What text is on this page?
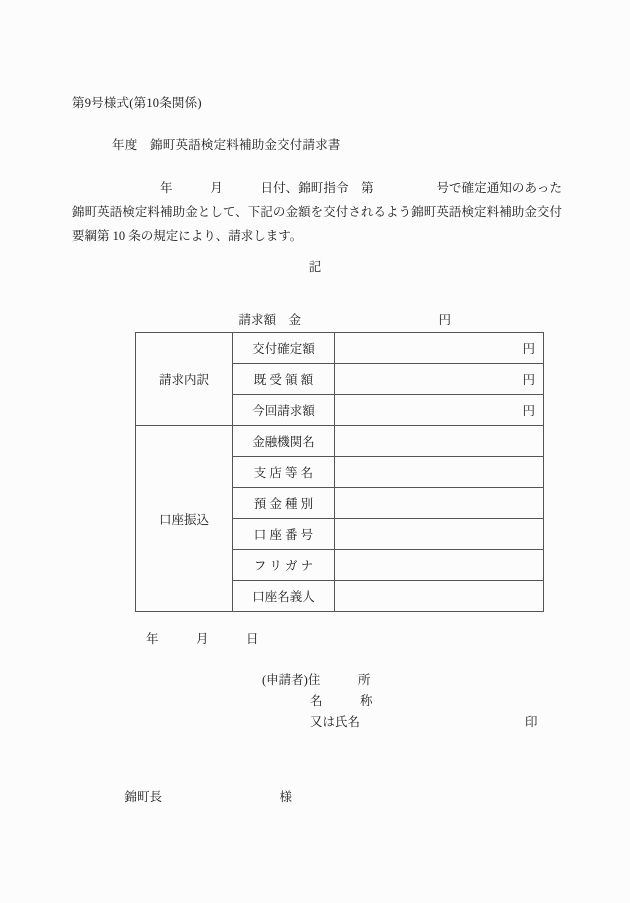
第9号様式(第10条関係)
年度　錦町英語検定料補助金交付請求書
　　　　　　　年　　　月　　　日付、錦町指令　第　　　　　号で確定通知のあった錦町英語検定料補助金として、下記の金額を交付されるよう錦町英語検定料補助金交付要綱第 10 条の規定により、請求します。
記

請求額　金	円

請求内訳	交付確定額	円
	既 受 領 額	円
	今回請求額	円
口座振込	金融機関名	
	支 店 等 名	
	預 金 種 別	
	口 座 番 号	
	フ リ ガ ナ	
	口座名義人	
年　　　月　　　日
(申請者)住　　　所
名　　　称
又は氏名	印

錦町長	様
